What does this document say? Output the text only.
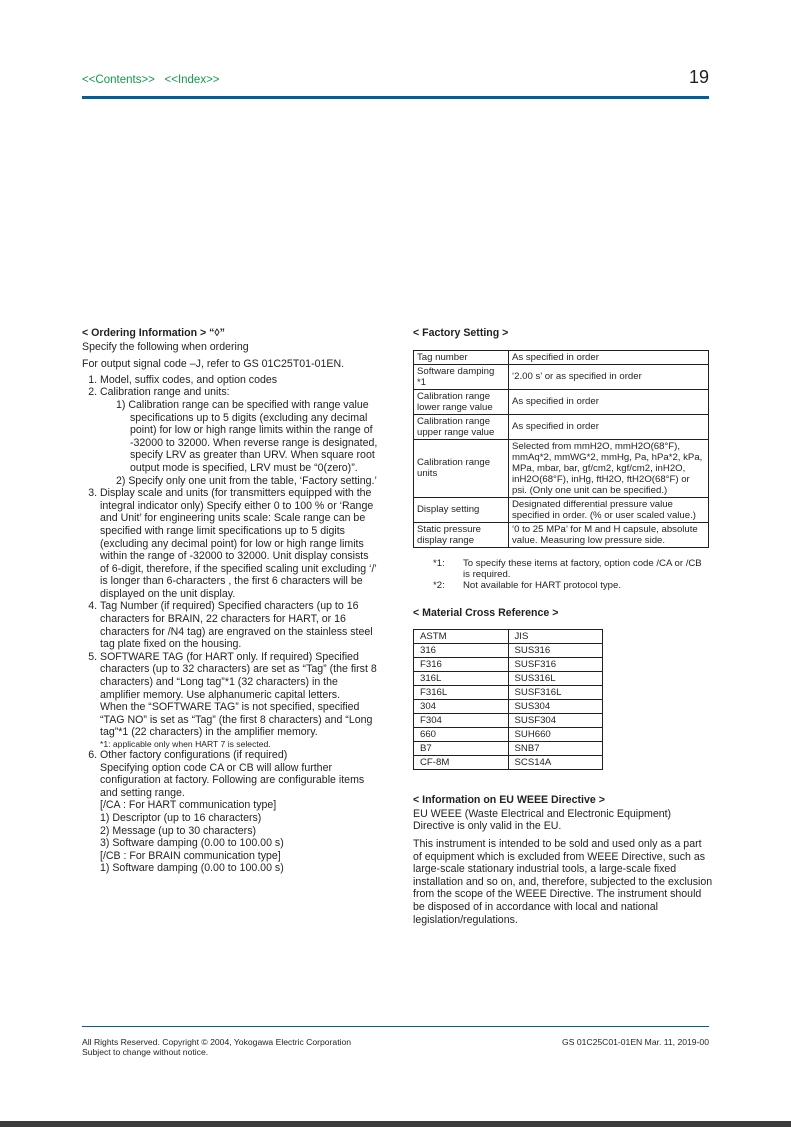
<<Contents>> <<Index>>	19

< Ordering Information > “◊”

Specify the following when ordering

For output signal code –J, refer to GS 01C25T01-01EN.

1. Model, suffix codes, and option codes
2. Calibration range and units:
1) Calibration range can be specified with range value specifications up to 5 digits (excluding any decimal point) for low or high range limits within the range of -32000 to 32000. When reverse range is designated, specify LRV as greater than URV. When square root output mode is specified, LRV must be “0(zero)”.
2) Specify only one unit from the table, ‘Factory setting.’
3. Display scale and units (for transmitters equipped with the integral indicator only) Specify either 0 to 100 % or ‘Range and Unit’ for engineering units scale: Scale range can be specified with range limit specifications up to 5 digits (excluding any decimal point) for low or high range limits within the range of -32000 to 32000. Unit display consists of 6-digit, therefore, if the specified scaling unit excluding ‘/’ is longer than 6-characters , the first 6 characters will be displayed on the unit display.
4. Tag Number (if required) Specified characters (up to 16 characters for BRAIN, 22 characters for HART, or 16 characters for /N4 tag) are engraved on the stainless steel tag plate fixed on the housing.
5. SOFTWARE TAG (for HART only. If required) Specified characters (up to 32 characters) are set as “Tag” (the first 8 characters) and “Long tag”*1 (32 characters) in the amplifier memory. Use alphanumeric capital letters.
When the “SOFTWARE TAG” is not specified, specified “TAG NO” is set as “Tag” (the first 8 characters) and “Long tag”*1 (22 characters) in the amplifier memory.
*1: applicable only when HART 7 is selected.
6. Other factory configurations (if required)
Specifying option code CA or CB will allow further configuration at factory. Following are configurable items and setting range.
[/CA : For HART communication type]
1) Descriptor (up to 16 characters)
2) Message (up to 30 characters)
3) Software damping (0.00 to 100.00 s)
[/CB : For BRAIN communication type]
1) Software damping (0.00 to 100.00 s)

< Factory Setting >

Tag number	As specified in order
Software damping *1	‘2.00 s’ or as specified in order
Calibration range lower range value	As specified in order
Calibration range upper range value	As specified in order
Calibration range units	Selected from mmH2O, mmH2O(68°F), mmAq*2, mmWG*2, mmHg, Pa, hPa*2, kPa, MPa, mbar, bar, gf/cm2, kgf/cm2, inH2O, inH2O(68°F), inHg, ftH2O, ftH2O(68°F) or psi. (Only one unit can be specified.)
Display setting	Designated differential pressure value specified in order. (% or user scaled value.)
Static pressure display range	‘0 to 25 MPa’ for M and H capsule, absolute value. Measuring low pressure side.
*1: To specify these items at factory, option code /CA or /CB is required.
*2: Not available for HART protocol type.

< Material Cross Reference >

ASTM	JIS
316	SUS316
F316	SUSF316
316L	SUS316L
F316L	SUSF316L
304	SUS304
F304	SUSF304
660	SUH660
B7	SNB7
CF-8M	SCS14A

< Information on EU WEEE Directive >

EU WEEE (Waste Electrical and Electronic Equipment) Directive is only valid in the EU.

This instrument is intended to be sold and used only as a part of equipment which is excluded from WEEE Directive, such as large-scale stationary industrial tools, a large-scale fixed installation and so on, and, therefore, subjected to the exclusion from the scope of the WEEE Directive. The instrument should be disposed of in accordance with local and national legislation/regulations.

All Rights Reserved. Copyright © 2004, Yokogawa Electric Corporation
Subject to change without notice.
GS 01C25C01-01EN Mar. 11, 2019-00
